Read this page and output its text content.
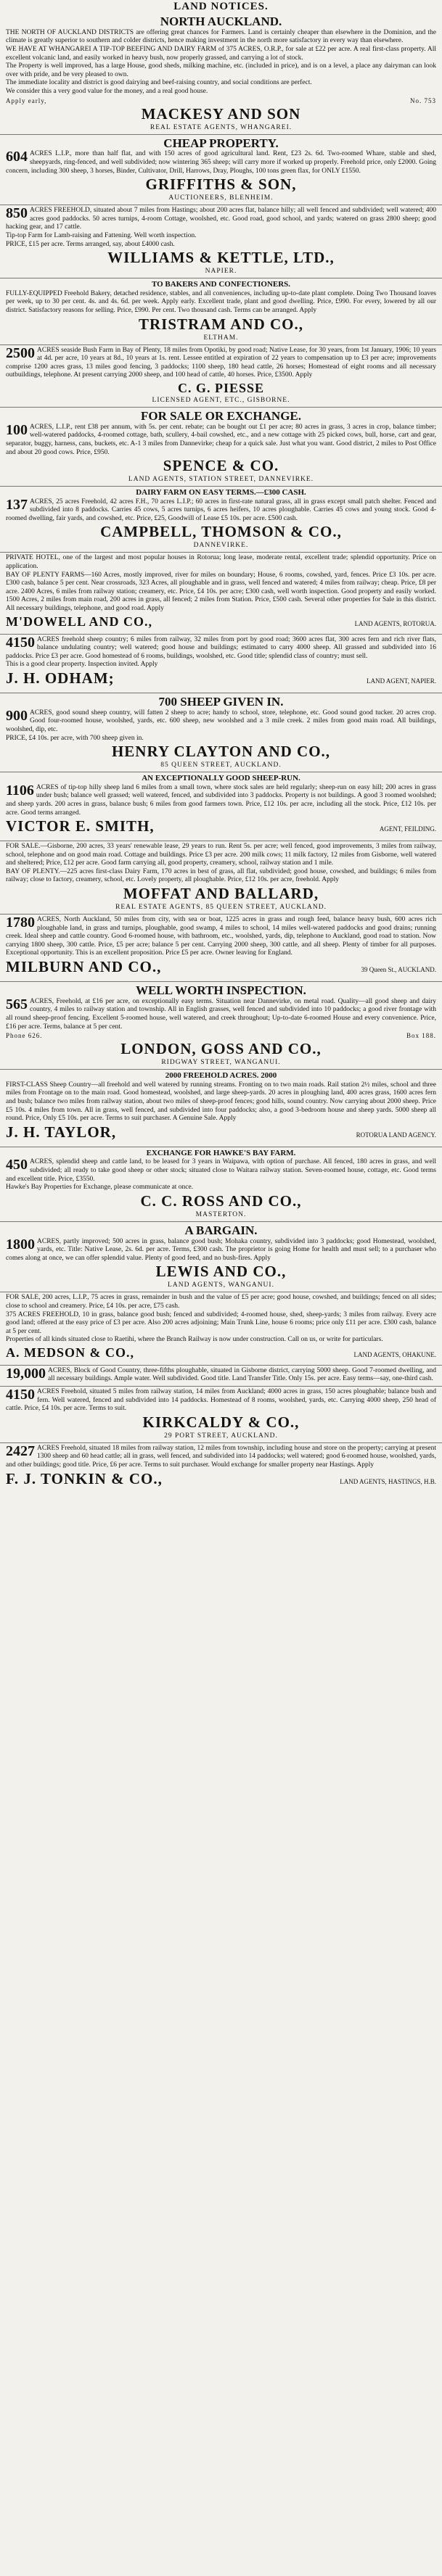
LAND NOTICES.
NORTH AUCKLAND.

THE NORTH OF AUCKLAND DISTRICTS are offering great chances for Farmers. Land is certainly cheaper than elsewhere in the Dominion, and the climate is greatly superior to southern and colder districts, hence making investment in the north more satisfactory in every way than elsewhere.

WE HAVE AT WHANGAREI A TIP-TOP BEEFING AND DAIRY FARM of 375 ACRES, O.R.P., for sale at £22 per acre. A real first-class property. All excellent volcanic land, and easily worked in heavy bush, now properly grassed, and carrying a lot of stock.

The Property is well improved, has a large House, good sheds, milking machine, etc. (included in price), and is on a level, a place any dairyman can look over with pride, and be very pleased to own.

The immediate locality and district is good dairying and beef-raising country, and social conditions are perfect.

We consider this a very good value for the money, and a real good house.

Apply early,	No. 753
MACKESY AND SON
REAL ESTATE AGENTS, WHANGAREI.
CHEAP PROPERTY.

604 ACRES L.I.P., more than half flat, and with 150 acres of good agricultural land. Rent, £23 2s. 6d. Two-roomed Whare, stable and shed, sheepyards, ring-fenced, and well subdivided; now wintering 365 sheep; will carry more if worked up properly. Freehold price, only £2000. Going concern, including 300 sheep, 3 horses, Binder, Cultivator, Drill, Harrows, Dray, Ploughs, 100 tons green flax, for ONLY £1550.

GRIFFITHS & SON,
AUCTIONEERS, BLENHEIM.

850 ACRES FREEHOLD, situated about 7 miles from Hastings; about 200 acres flat, balance hilly; all well fenced and subdivided; well watered; 400 acres good paddocks. 50 acres turnips, 4-room Cottage, woolshed, etc. Good road, good school, and yards; watered on grass 2800 sheep; good hacking gear, and 17 cattle.

Tip-top Farm for Lamb-raising and Fattening. Well worth inspection.

PRICE, £15 per acre. Terms arranged, say, about £4000 cash.

WILLIAMS & KETTLE, LTD.,
NAPIER.
TO BAKERS AND CONFECTIONERS.

FULLY-EQUIPPED Freehold Bakery, detached residence, stables, and all conveniences, including up-to-date plant complete. Doing Two Thousand loaves per week, up to 30 per cent. 4s. and 4s. 6d. per week. Apply early. Excellent trade, plant and good dwelling. Price, £990. For every, lowered by all our district. Satisfactory reasons for selling. Price, £990. Per cent. Two thousand cash. Terms can be arranged. Apply

TRISTRAM AND CO.,
ELTHAM.

2500 ACRES seaside Bush Farm in Bay of Plenty, 18 miles from Opotiki, by good road; Native Lease, for 30 years, from 1st January, 1906; 10 years at 4d. per acre, 10 years at 8d., 10 years at 1s. rent. Lessee entitled at expiration of 22 years to compensation up to £3 per acre; improvements comprise 1200 acres grass, 13 miles good fencing, 3 paddocks; 1100 sheep, 180 head cattle, 26 horses; Homestead of eight rooms and all necessary outbuildings, telephone. At present carrying 2000 sheep, and 100 head of cattle, 40 horses. Price, £3500. Apply

C. G. PIESSE
LICENSED AGENT, ETC., GISBORNE.
FOR SALE OR EXCHANGE.

100 ACRES, L.I.P., rent £38 per annum, with 5s. per cent. rebate; can be bought out £1 per acre; 80 acres in grass, 3 acres in crop, balance timber; well-watered paddocks, 4-roomed cottage, bath, scullery, 4-bail cowshed, etc., and a new cottage with 25 picked cows, bull, horse, cart and gear, separator, buggy, harness, cans, buckets, etc. A-1 3 miles from Dannevirke; cheap for a quick sale. Just what you want. Good district, 2 miles to Post Office and about 20 good cows. Price, £950.

SPENCE & CO.
LAND AGENTS, STATION STREET, DANNEVIRKE.
DAIRY FARM ON EASY TERMS.—£300 CASH.

137 ACRES, 25 acres Freehold, 42 acres F.H., 70 acres L.I.P.; 60 acres in first-rate natural grass, all in grass except small patch shelter. Fenced and subdivided into 8 paddocks. Carries 45 cows, 5 acres turnips, 6 acres heifers, 10 acres ploughable. Carries 45 cows and young stock. Good 4-roomed dwelling, fair yards, and cowshed, etc. Price, £25, Goodwill of Lease £5 10s. per acre. £500 cash.

CAMPBELL, THOMSON & CO.,
DANNEVIRKE.

PRIVATE HOTEL, one of the largest and most popular houses in Rotorua; long lease, moderate rental, excellent trade; splendid opportunity. Price on application.

BAY OF PLENTY FARMS—160 Acres, mostly improved, river for miles on boundary; House, 6 rooms, cowshed, yard, fences. Price £3 10s. per acre. £300 cash, balance 5 per cent. Near crossroads, 323 Acres, all ploughable and in grass, well fenced and watered; 4 miles from railway; cheap. Price, £8 per acre. 2400 Acres, 6 miles from railway station; creamery, etc. Price, £4 10s. per acre; £300 cash, well worth inspection. Good property and easily worked. 1500 Acres, 2 miles from main road, 200 acres in grass, all fenced; 2 miles from Station. Price, £500 cash. Several other properties for Sale in this district. All necessary buildings, telephone, and good road. Apply

M'DOWELL AND CO.,	LAND AGENTS, ROTORUA.

4150 ACRES freehold sheep country; 6 miles from railway, 32 miles from port by good road; 3600 acres flat, 300 acres fern and rich river flats, balance undulating country; well watered; good house and buildings; estimated to carry 4000 sheep. All grassed and subdivided into 16 paddocks. Price £3 per acre. Good homestead of 6 rooms, buildings, woolshed, etc. Good title; splendid class of country; must sell.

This is a good clear property. Inspection invited. Apply

J. H. ODHAM;	LAND AGENT, NAPIER.
700 SHEEP GIVEN IN.

900 ACRES, good sound sheep country, will fatten 2 sheep to acre; handy to school, store, telephone, etc. Good sound good tucker. 20 acres crop. Good four-roomed house, woolshed, yards, etc. 600 sheep, new woolshed and a 3 mile creek. 2 miles from good main road. All buildings, woolshed, dip, etc.

PRICE, £4 10s. per acre, with 700 sheep given in.

HENRY CLAYTON AND CO.,
85 QUEEN STREET, AUCKLAND.
AN EXCEPTIONALLY GOOD SHEEP-RUN.

1106 ACRES of tip-top hilly sheep land 6 miles from a small town, where stock sales are held regularly; sheep-run on easy hill; 200 acres in grass under bush; balance well grassed; well watered, fenced, and subdivided into 3 paddocks. Property is not buildings. A good 3 roomed woolshed; and sheep yards. 200 acres in grass, balance bush; 6 miles from good farmers town. Price, £12 10s. per acre, including all the stock. Price, £12 10s. per acre. Good terms arranged.

VICTOR E. SMITH,	AGENT, FEILDING.

FOR SALE.—Gisborne, 200 acres, 33 years' renewable lease, 29 years to run. Rent 5s. per acre; well fenced, good improvements, 3 miles from railway, school, telephone and on good main road. Cottage and buildings. Price £3 per acre. 200 milk cows; 11 milk factory, 12 miles from Gisborne, well watered and sheltered; Price, £12 per acre. Good farm carrying all, good property, creamery, school, railway station and 1 mile.

BAY OF PLENTY.—225 acres first-class Dairy Farm, 170 acres in best of grass, all flat, subdivided; good house, cowshed, and buildings; 6 miles from railway; close to factory, creamery, school, etc. Lovely property, all ploughable. Price, £12 10s. per acre, freehold. Apply

MOFFAT AND BALLARD,
REAL ESTATE AGENTS, 85 QUEEN STREET, AUCKLAND.

1780 ACRES, North Auckland, 50 miles from city, with sea or boat, 1225 acres in grass and rough feed, balance heavy bush, 600 acres rich ploughable land, in grass and turnips, ploughable, good swamp, 4 miles to school, 14 miles well-watered paddocks and good drains; running creek. Ideal sheep and cattle country. Good 6-roomed house, with bathroom, etc., woolshed, yards, dip, telephone to Auckland, good road to station. Now carrying 1800 sheep, 300 cattle. Price, £5 per acre; balance 5 per cent. Carrying 2000 sheep, 300 cattle, and all sheep. Plenty of timber for all purposes. Exceptional opportunity. This is an excellent proposition. Price £5 per acre. Owner leaving for England.

MILBURN AND CO.,	39 Queen St., AUCKLAND.
WELL WORTH INSPECTION.

565 ACRES, Freehold, at £16 per acre, on exceptionally easy terms. Situation near Dannevirke, on metal road. Quality—all good sheep and dairy country, 4 miles to railway station and township. All in English grasses, well fenced and subdivided into 10 paddocks; a good river frontage with all round sheep-proof fencing. Excellent 5-roomed house, well watered, and creek throughout; Up-to-date 6-roomed House and every convenience. Price, £16 per acre. Terms, balance at 5 per cent.

Phone 626.	Box 188.
LONDON, GOSS AND CO.,
RIDGWAY STREET, WANGANUI.
2000 FREEHOLD ACRES. 2000

FIRST-CLASS Sheep Country—all freehold and well watered by running streams. Fronting on to two main roads. Rail station 2½ miles, school and three miles from Frontage on to the main road. Good homestead, woolshed, and large sheep-yards. 20 acres in ploughing land, 400 acres grass, 1600 acres fern and bush; balance two miles from railway station, about two miles of sheep-proof fences; good hills, sound country. Now carrying about 2000 sheep. Price £5 10s. 4 miles from town. All in grass, well fenced, and subdivided into four paddocks; also, a good 3-bedroom house and sheep yards. 5000 sheep all round. Price, Only £5 10s. per acre. Terms to suit purchaser. A Genuine Sale. Apply

J. H. TAYLOR,	ROTORUA LAND AGENCY.
EXCHANGE FOR HAWKE'S BAY FARM.

450 ACRES, splendid sheep and cattle land, to be leased for 3 years in Waipawa, with option of purchase. All fenced, 180 acres in grass, and well subdivided; all ready to take good sheep or other stock; situated close to Waitara railway station. Seven-roomed house, cottage, etc. Good terms and excellent title. Price, £3550.

Hawke's Bay Properties for Exchange, please communicate at once.

C. C. ROSS AND CO.,
MASTERTON.
A BARGAIN.

1800 ACRES, partly improved; 500 acres in grass, balance good bush; Mohaka country, subdivided into 3 paddocks; good Homestead, woolshed, yards, etc. Title: Native Lease, 2s. 6d. per acre. Terms, £300 cash. The proprietor is going Home for health and must sell; to a purchaser who comes along at once, we can offer splendid value. Plenty of good feed, and no bush-fires. Apply

LEWIS AND CO.,
LAND AGENTS, WANGANUI.

FOR SALE, 200 acres, L.I.P., 75 acres in grass, remainder in bush and the value of £5 per acre; good house, cowshed, and buildings; fenced on all sides; close to school and creamery. Price, £4 10s. per acre, £75 cash.

375 ACRES FREEHOLD, 10 in grass, balance good bush; fenced and subdivided; 4-roomed house, shed, sheep-yards; 3 miles from railway. Every acre good land; offered at the easy price of £3 per acre. Also 200 acres adjoining; Main Trunk Line, house 6 rooms; price only £11 per acre. £300 cash, balance at 5 per cent.

Properties of all kinds situated close to Raetihi, where the Branch Railway is now under construction. Call on us, or write for particulars.

A. MEDSON & CO.,	LAND AGENTS, OHAKUNE.

19,000 ACRES, Block of Good Country, three-fifths ploughable, situated in Gisborne district, carrying 5000 sheep. Good 7-roomed dwelling, and all necessary buildings. Ample water. Well subdivided. Good title. Land Transfer Title. Only 15s. per acre. Easy terms—say, one-third cash.

4150 ACRES Freehold, situated 5 miles from railway station, 14 miles from Auckland; 4000 acres in grass, 150 acres ploughable; balance bush and fern. Well watered, fenced and subdivided into 14 paddocks. Homestead of 8 rooms, woolshed, yards, etc. Carrying 4000 sheep, 250 head of cattle. Price, £4 10s. per acre. Terms to suit.

KIRKCALDY & CO.,
29 PORT STREET, AUCKLAND.

2427 ACRES Freehold, situated 18 miles from railway station, 12 miles from township, including house and store on the property; carrying at present 1300 sheep and 60 head cattle; all in grass, well fenced, and subdivided into 14 paddocks; well watered; good 6-roomed house, woolshed, yards, and other buildings; good title. Price, £6 per acre. Terms to suit purchaser. Would exchange for smaller property near Hastings. Apply

F. J. TONKIN & CO.,	LAND AGENTS, HASTINGS, H.B.
